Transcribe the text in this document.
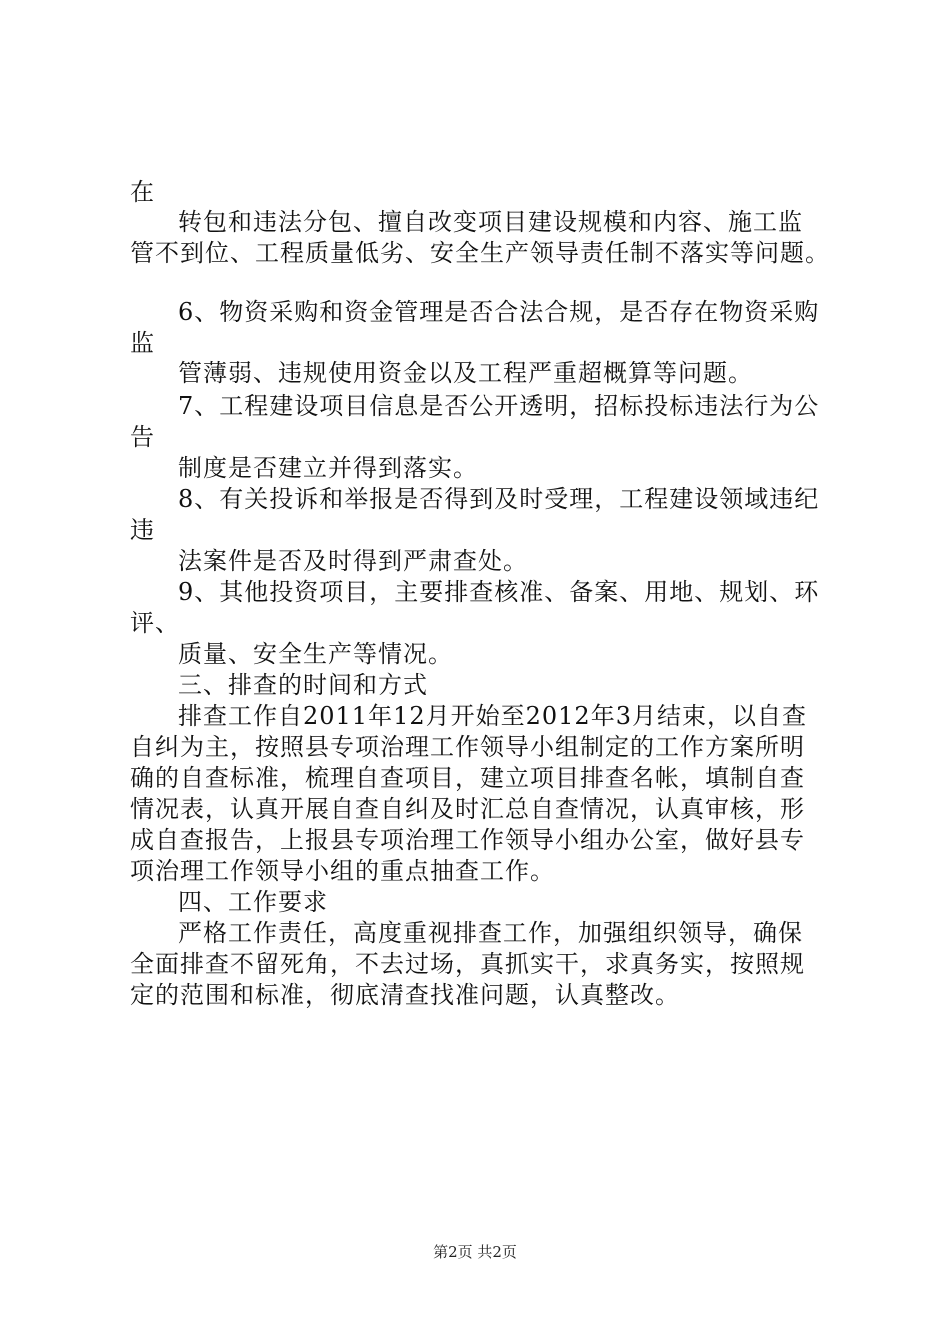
在
转包和违法分包、擅自改变项目建设规模和内容、施工监
管不到位、工程质量低劣、安全生产领导责任制不落实等问题。
6、物资采购和资金管理是否合法合规，是否存在物资采购
监
管薄弱、违规使用资金以及工程严重超概算等问题。
7、工程建设项目信息是否公开透明，招标投标违法行为公
告
制度是否建立并得到落实。
8、有关投诉和举报是否得到及时受理，工程建设领域违纪
违
法案件是否及时得到严肃查处。
9、其他投资项目，主要排查核准、备案、用地、规划、环
评、
质量、安全生产等情况。
三、排查的时间和方式
排查工作自2011年12月开始至2012年3月结束，以自查
自纠为主，按照县专项治理工作领导小组制定的工作方案所明
确的自查标准，梳理自查项目，建立项目排查名帐，填制自查
情况表，认真开展自查自纠及时汇总自查情况，认真审核，形
成自查报告，上报县专项治理工作领导小组办公室，做好县专
项治理工作领导小组的重点抽查工作。
四、工作要求
严格工作责任，高度重视排查工作，加强组织领导，确保
全面排查不留死角，不去过场，真抓实干，求真务实，按照规
定的范围和标准，彻底清查找准问题，认真整改。
第2页 共2页
